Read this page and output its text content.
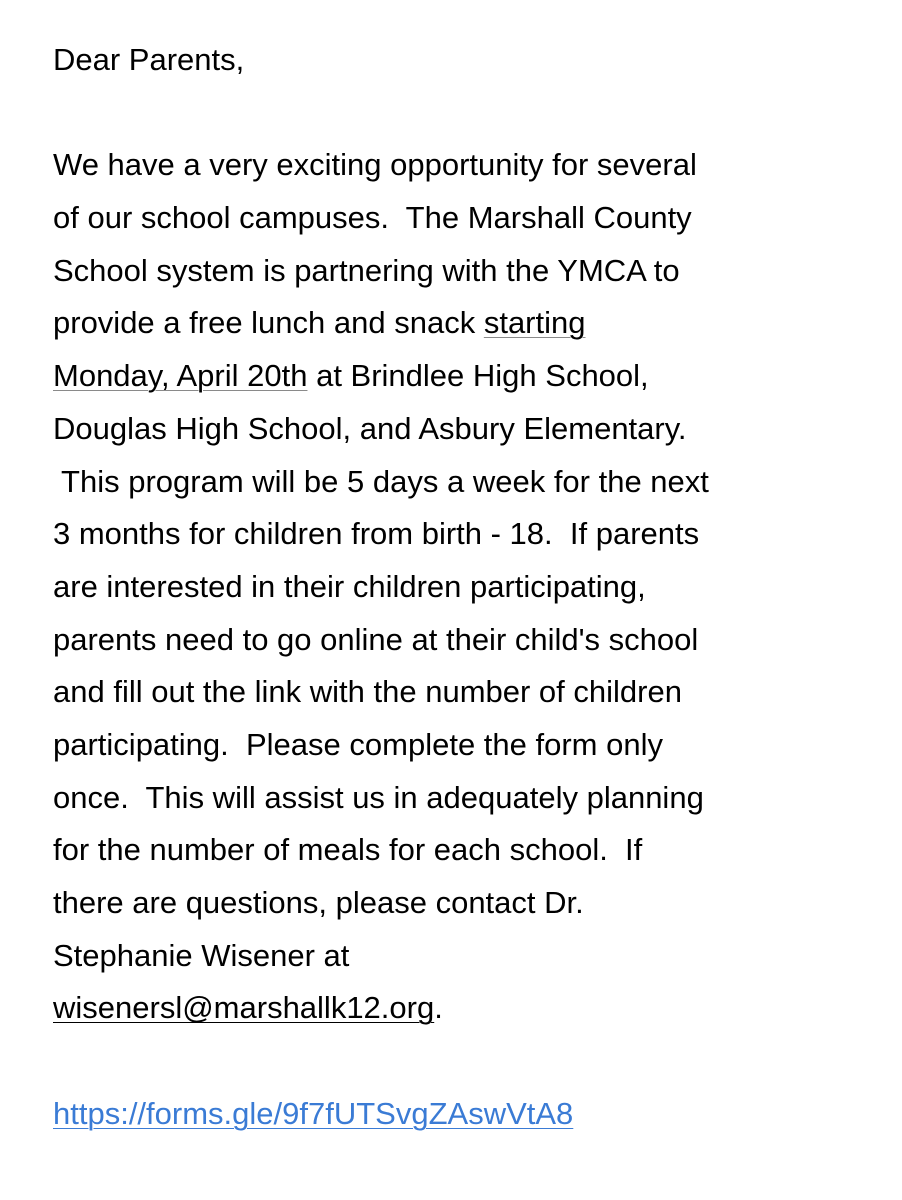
Dear Parents,
We have a very exciting opportunity for several
of our school campuses.  The Marshall County
School system is partnering with the YMCA to
provide a free lunch and snack starting
Monday, April 20th at Brindlee High School,
Douglas High School, and Asbury Elementary.
This program will be 5 days a week for the next
3 months for children from birth - 18.  If parents
are interested in their children participating,
parents need to go online at their child's school
and fill out the link with the number of children
participating.  Please complete the form only
once.  This will assist us in adequately planning
for the number of meals for each school.  If
there are questions, please contact Dr.
Stephanie Wisener at
wisenersl@marshallk12.org.
https://forms.gle/9f7fUTSvgZAswVtA8
